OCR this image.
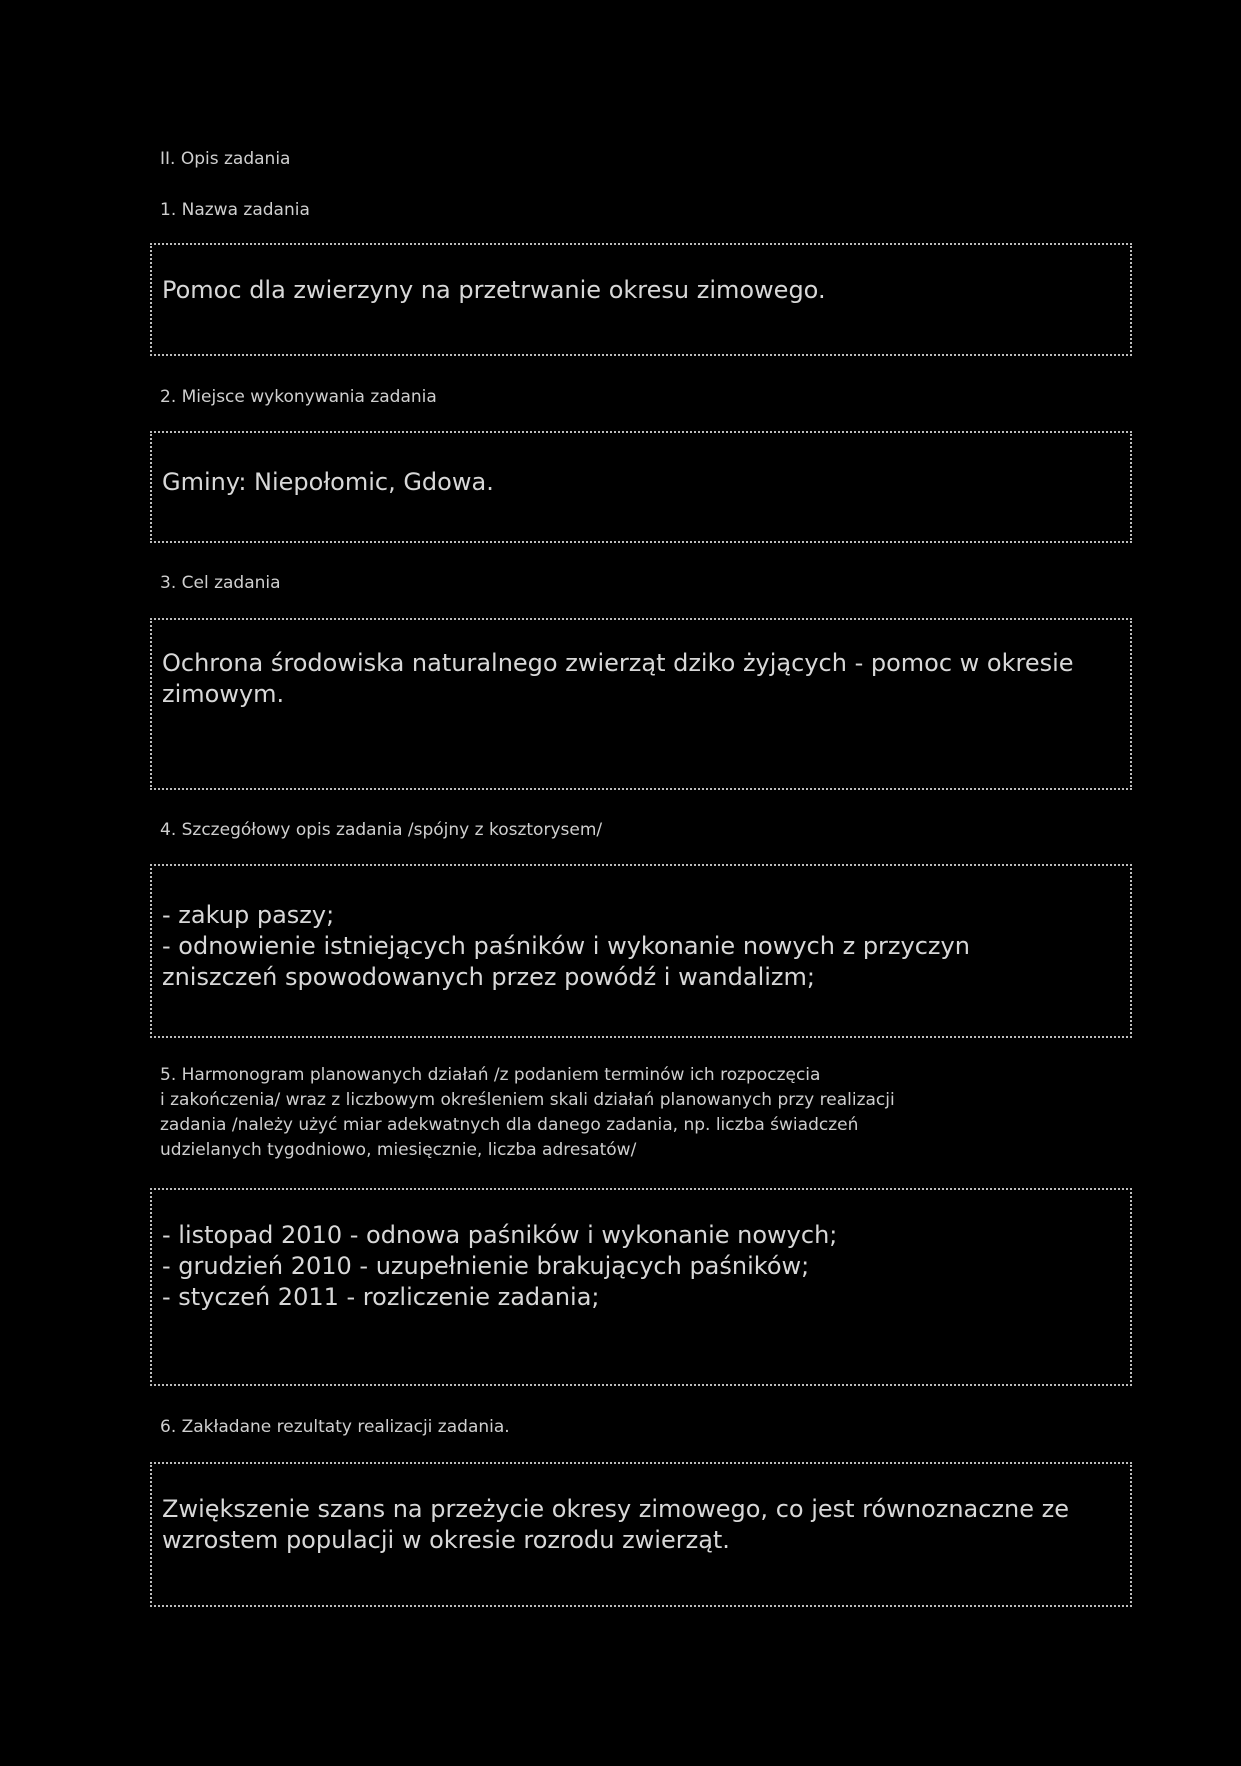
II. Opis zadania
1. Nazwa zadania
Pomoc dla zwierzyny na przetrwanie okresu zimowego.
2. Miejsce wykonywania zadania
Gminy: Niepołomic, Gdowa.
3. Cel zadania
Ochrona środowiska naturalnego zwierząt dziko żyjących - pomoc w okresie
zimowym.
4. Szczegółowy opis zadania /spójny z kosztorysem/
- zakup paszy;
- odnowienie istniejących paśników i wykonanie nowych z przyczyn
zniszczeń spowodowanych przez powódź i wandalizm;
5. Harmonogram planowanych działań /z podaniem terminów ich rozpoczęcia
i zakończenia/ wraz z liczbowym określeniem skali działań planowanych przy realizacji
zadania /należy użyć miar adekwatnych dla danego zadania, np. liczba świadczeń
udzielanych tygodniowo, miesięcznie, liczba adresatów/
- listopad 2010 - odnowa paśników i wykonanie nowych;
- grudzień 2010 - uzupełnienie brakujących paśników;
- styczeń 2011 - rozliczenie zadania;
6. Zakładane rezultaty realizacji zadania.
Zwiększenie szans na przeżycie okresy zimowego, co jest równoznaczne ze
wzrostem populacji w okresie rozrodu zwierząt.
